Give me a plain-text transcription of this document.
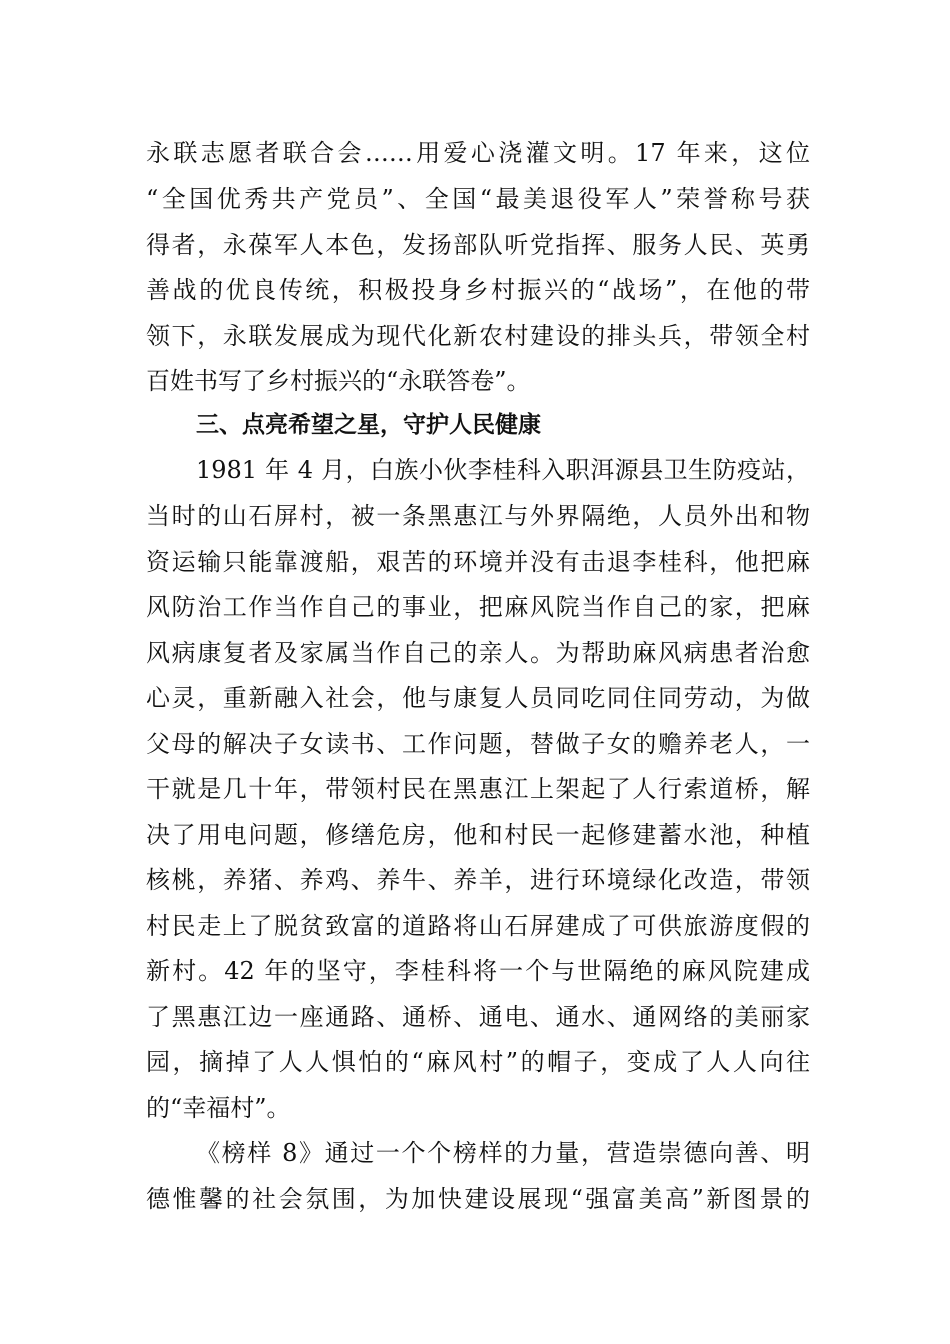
永联志愿者联合会……用爱心浇灌文明。17 年来，这位
“全国优秀共产党员”、全国“最美退役军人”荣誉称号获
得者，永葆军人本色，发扬部队听党指挥、服务人民、英勇
善战的优良传统，积极投身乡村振兴的“战场”，在他的带
领下，永联发展成为现代化新农村建设的排头兵，带领全村
百姓书写了乡村振兴的“永联答卷”。
三、点亮希望之星，守护人民健康
1981 年 4 月，白族小伙李桂科入职洱源县卫生防疫站，
当时的山石屏村，被一条黑惠江与外界隔绝，人员外出和物
资运输只能靠渡船，艰苦的环境并没有击退李桂科，他把麻
风防治工作当作自己的事业，把麻风院当作自己的家，把麻
风病康复者及家属当作自己的亲人。为帮助麻风病患者治愈
心灵，重新融入社会，他与康复人员同吃同住同劳动，为做
父母的解决子女读书、工作问题，替做子女的赡养老人，一
干就是几十年，带领村民在黑惠江上架起了人行索道桥，解
决了用电问题，修缮危房，他和村民一起修建蓄水池，种植
核桃，养猪、养鸡、养牛、养羊，进行环境绿化改造，带领
村民走上了脱贫致富的道路将山石屏建成了可供旅游度假的
新村。42 年的坚守，李桂科将一个与世隔绝的麻风院建成
了黑惠江边一座通路、通桥、通电、通水、通网络的美丽家
园，摘掉了人人惧怕的“麻风村”的帽子，变成了人人向往
的“幸福村”。
《榜样 8》通过一个个榜样的力量，营造崇德向善、明
德惟馨的社会氛围，为加快建设展现“强富美高”新图景的
